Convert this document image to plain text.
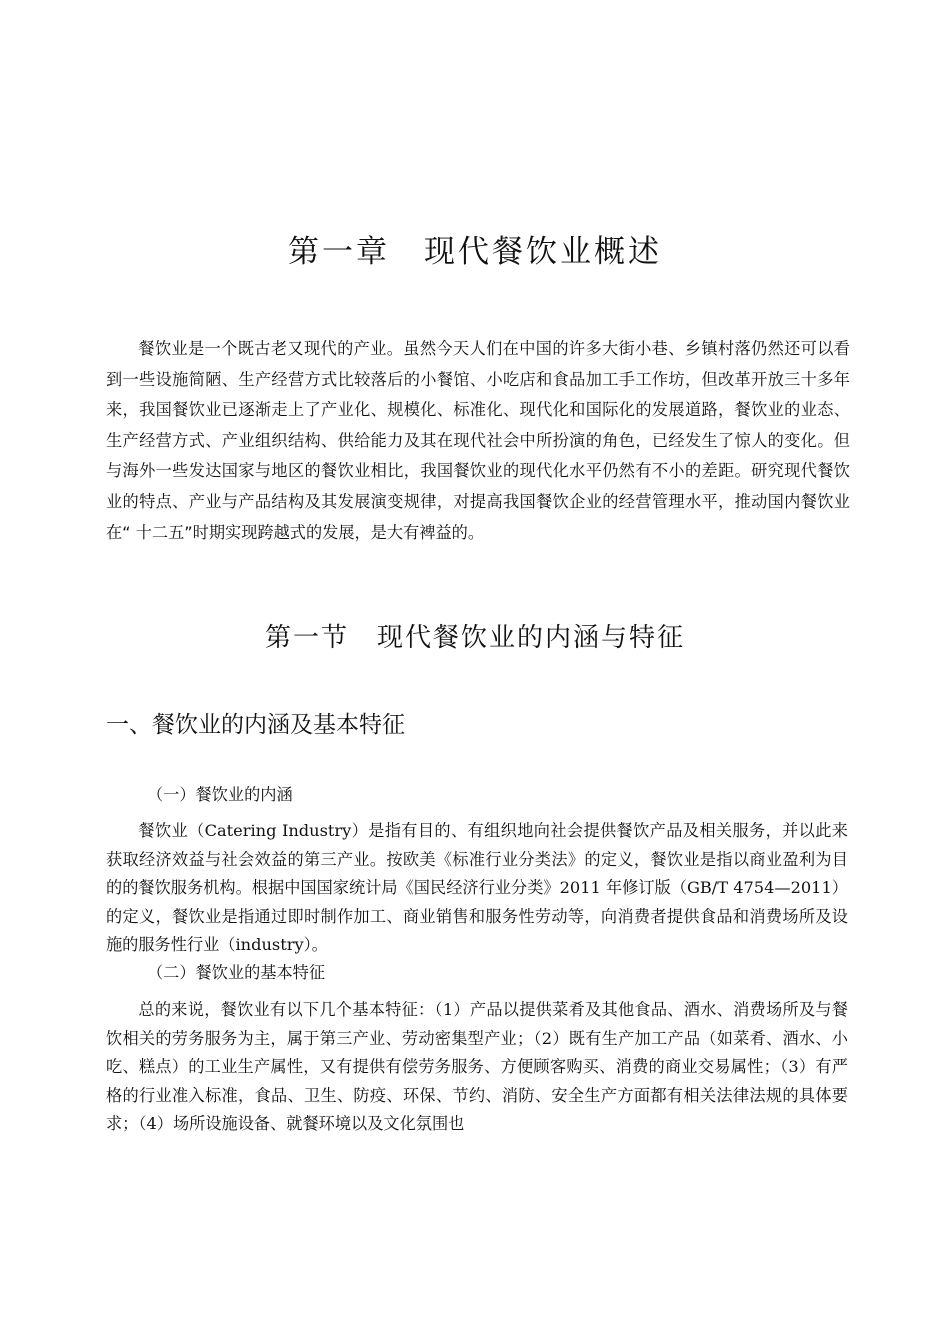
第一章　现代餐饮业概述

餐饮业是一个既古老又现代的产业。虽然今天人们在中国的许多大街小巷、乡镇村落仍然还可以看到一些设施简陋、生产经营方式比较落后的小餐馆、小吃店和食品加工手工作坊，但改革开放三十多年来，我国餐饮业已逐渐走上了产业化、规模化、标准化、现代化和国际化的发展道路，餐饮业的业态、生产经营方式、产业组织结构、供给能力及其在现代社会中所扮演的角色，已经发生了惊人的变化。但与海外一些发达国家与地区的餐饮业相比，我国餐饮业的现代化水平仍然有不小的差距。研究现代餐饮业的特点、产业与产品结构及其发展演变规律，对提高我国餐饮企业的经营管理水平，推动国内餐饮业在“ 十二五”时期实现跨越式的发展，是大有裨益的。

第一节　现代餐饮业的内涵与特征
一、餐饮业的内涵及基本特征
（一）餐饮业的内涵

餐饮业（Catering Industry）是指有目的、有组织地向社会提供餐饮产品及相关服务，并以此来获取经济效益与社会效益的第三产业。按欧美《标准行业分类法》的定义，餐饮业是指以商业盈利为目的的餐饮服务机构。根据中国国家统计局《国民经济行业分类》2011 年修订版（GB/T 4754—2011）的定义，餐饮业是指通过即时制作加工、商业销售和服务性劳动等，向消费者提供食品和消费场所及设施的服务性行业（industry）。

（二）餐饮业的基本特征

总的来说，餐饮业有以下几个基本特征：（1）产品以提供菜肴及其他食品、酒水、消费场所及与餐饮相关的劳务服务为主，属于第三产业、劳动密集型产业；（2）既有生产加工产品（如菜肴、酒水、小吃、糕点）的工业生产属性，又有提供有偿劳务服务、方便顾客购买、消费的商业交易属性；（3）有严格的行业准入标准，食品、卫生、防疫、环保、节约、消防、安全生产方面都有相关法律法规的具体要求；（4）场所设施设备、就餐环境以及文化氛围也
